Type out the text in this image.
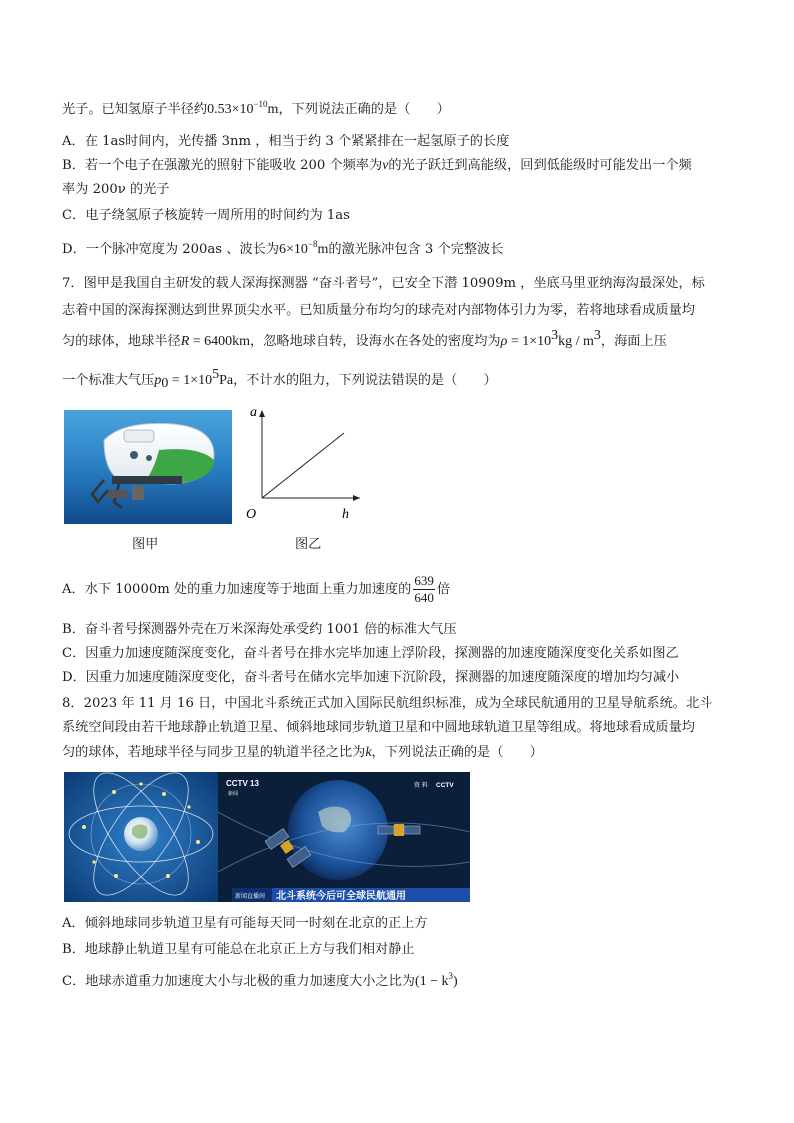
光子。已知氢原子半径约$0.53\times 10^{-10}m$，下列说法正确的是（　　）
A．在 1as时间内，光传播 3nm ，相当于约 3 个紧紧排在一起氢原子的长度
B．若一个电子在强激光的照射下能吸收 200 个频率为ν的光子跃迁到高能级，回到低能级时可能发出一个频
率为 200ν 的光子
C．电子绕氢原子核旋转一周所用的时间约为 1as
D．一个脉冲宽度为 200as 、波长为$6\times 10^{-8}m$的激光脉冲包含 3 个完整波长
7．图甲是我国自主研发的载人深海探测器 “奋斗者号”，已安全下潜 10909m ，坐底马里亚纳海沟最深处，标
志着中国的深海探测达到世界顶尖水平。已知质量分布均匀的球壳对内部物体引力为零，若将地球看成质量均
匀的球体，地球半径R = 6400km，忽略地球自转，设海水在各处的密度均为$\rho = 1\times 10^3kg / m^3$，海面上压
一个标准大气压$p_0 = 1\times 10^5Pa$，不计水的阻力，下列说法错误的是（　　）
图甲
a
h
O
图乙
A．水下 10000m 处的重力加速度等于地面上重力加速度的 $\frac{639}{640}$ 倍
B．奋斗者号探测器外壳在万米深海处承受约 1001 倍的标准大气压
C．因重力加速度随深度变化，奋斗者号在排水完毕加速上浮阶段，探测器的加速度随深度变化关系如图乙
D．因重力加速度随深度变化，奋斗者号在储水完毕加速下沉阶段，探测器的加速度随深度的增加均匀减小
8．2023 年 11 月 16 日，中国北斗系统正式加入国际民航组织标准，成为全球民航通用的卫星导航系统。北斗
系统空间段由若干地球静止轨道卫星、倾斜地球同步轨道卫星和中圆地球轨道卫星等组成。将地球看成质量均
匀的球体，若地球半径与同步卫星的轨道半径之比为k，下列说法正确的是（　　）
CCTV 13
新闻
资 料 CCTV
新闻直播间 北斗系统今后可全球民航通用
A．倾斜地球同步轨道卫星有可能每天同一时刻在北京的正上方
B．地球静止轨道卫星有可能总在北京正上方与我们相对静止
C．地球赤道重力加速度大小与北极的重力加速度大小之比为$(1 - k^3)$
